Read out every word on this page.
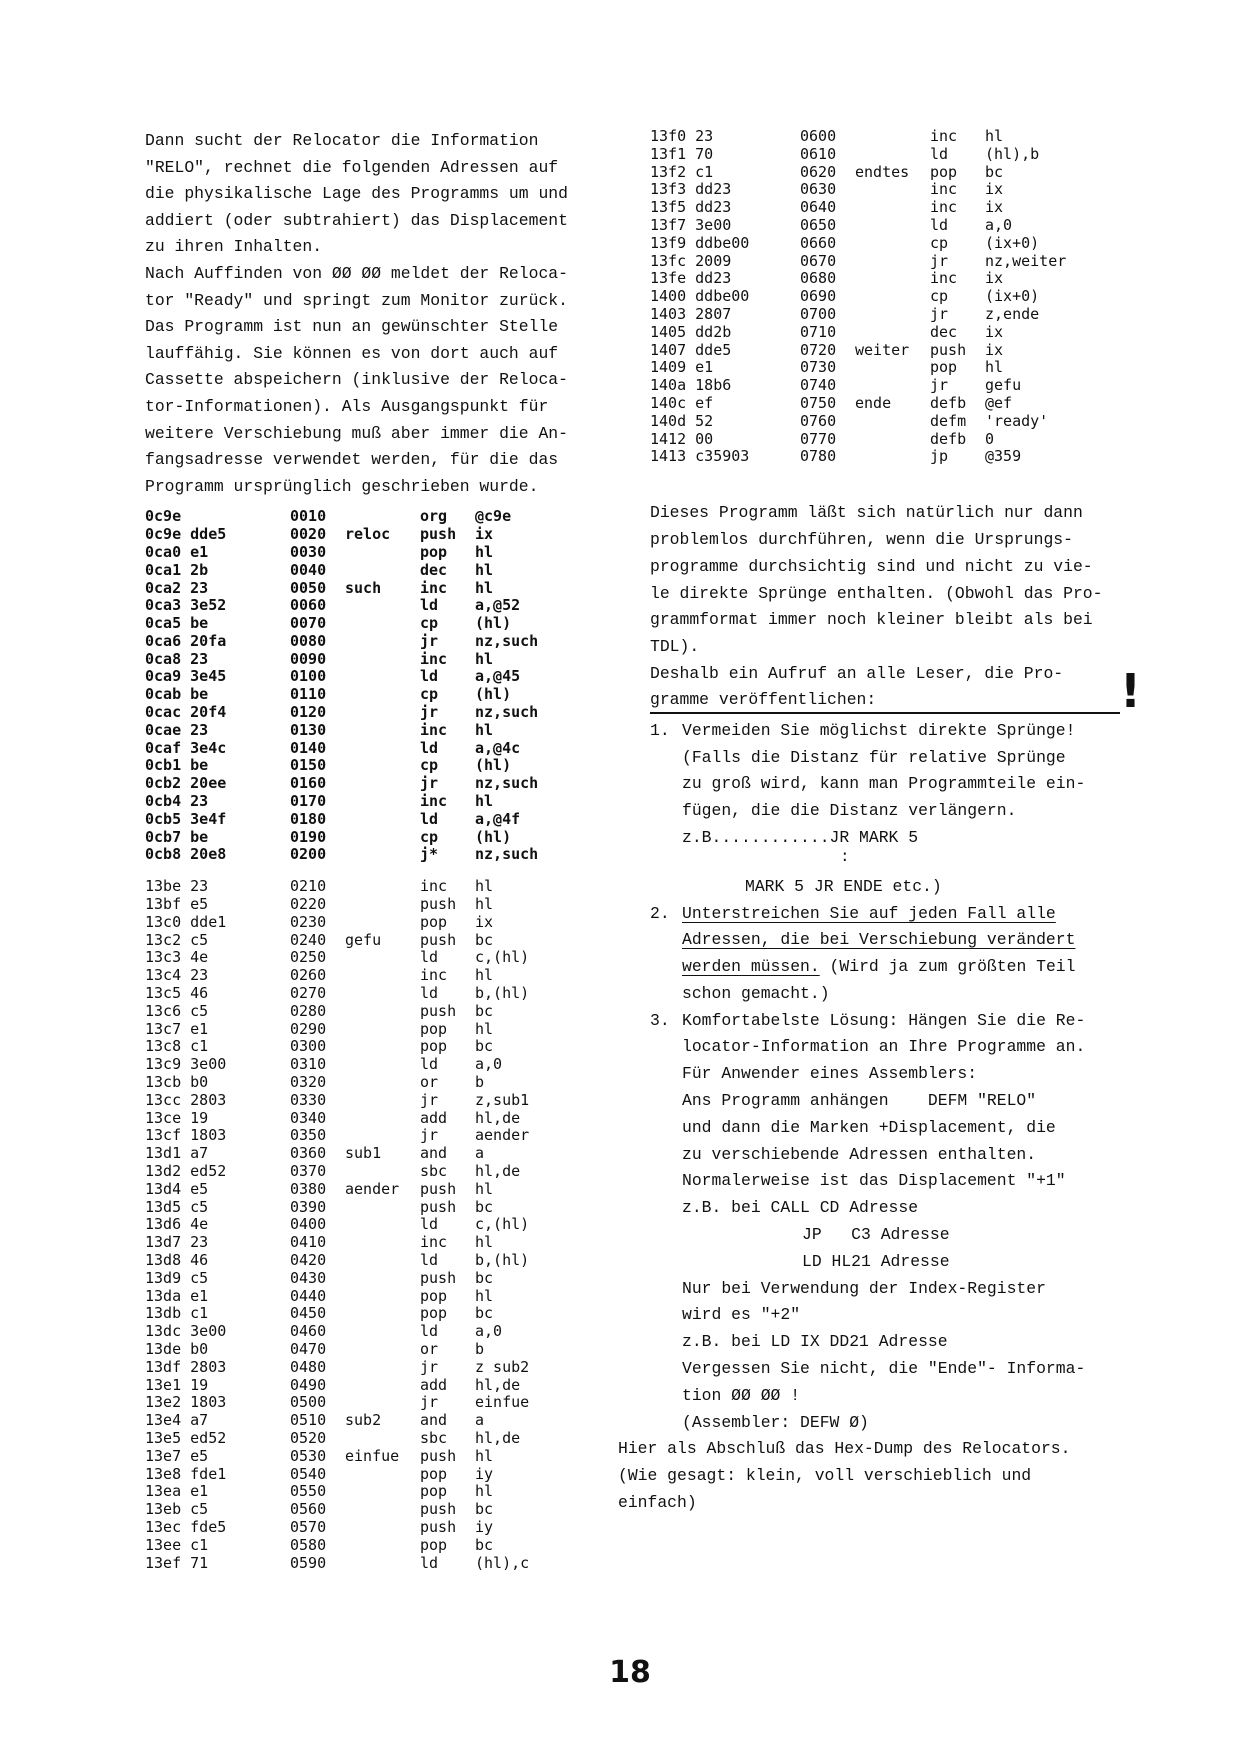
Dann sucht der Relocator die Information
"RELO", rechnet die folgenden Adressen auf
die physikalische Lage des Programms um und
addiert (oder subtrahiert) das Displacement
zu ihren Inhalten.
Nach Auffinden von ØØ ØØ meldet der Reloca-
tor "Ready" und springt zum Monitor zurück.
Das Programm ist nun an gewünschter Stelle
lauffähig. Sie können es von dort auch auf
Cassette abspeichern (inklusive der Reloca-
tor-Informationen). Als Ausgangspunkt für
weitere Verschiebung muß aber immer die An-
fangsadresse verwendet werden, für die das
Programm ursprünglich geschrieben wurde.
0c9e	0010	org	@c9e
0c9e dde5	0020	reloc	push	ix
0ca0 e1	0030	pop	hl
0ca1 2b	0040	dec	hl
0ca2 23	0050	such	inc	hl
0ca3 3e52	0060	ld	a,@52
0ca5 be	0070	cp	(hl)
0ca6 20fa	0080	jr	nz,such
0ca8 23	0090	inc	hl
0ca9 3e45	0100	ld	a,@45
0cab be	0110	cp	(hl)
0cac 20f4	0120	jr	nz,such
0cae 23	0130	inc	hl
0caf 3e4c	0140	ld	a,@4c
0cb1 be	0150	cp	(hl)
0cb2 20ee	0160	jr	nz,such
0cb4 23	0170	inc	hl
0cb5 3e4f	0180	ld	a,@4f
0cb7 be	0190	cp	(hl)
0cb8 20e8	0200	j*	nz,such
13be 23	0210	inc	hl
13bf e5	0220	push	hl
13c0 dde1	0230	pop	ix
13c2 c5	0240	gefu	push	bc
13c3 4e	0250	ld	c,(hl)
13c4 23	0260	inc	hl
13c5 46	0270	ld	b,(hl)
13c6 c5	0280	push	bc
13c7 e1	0290	pop	hl
13c8 c1	0300	pop	bc
13c9 3e00	0310	ld	a,0
13cb b0	0320	or	b
13cc 2803	0330	jr	z,sub1
13ce 19	0340	add	hl,de
13cf 1803	0350	jr	aender
13d1 a7	0360	sub1	and	a
13d2 ed52	0370	sbc	hl,de
13d4 e5	0380	aender	push	hl
13d5 c5	0390	push	bc
13d6 4e	0400	ld	c,(hl)
13d7 23	0410	inc	hl
13d8 46	0420	ld	b,(hl)
13d9 c5	0430	push	bc
13da e1	0440	pop	hl
13db c1	0450	pop	bc
13dc 3e00	0460	ld	a,0
13de b0	0470	or	b
13df 2803	0480	jr	z sub2
13e1 19	0490	add	hl,de
13e2 1803	0500	jr	einfue
13e4 a7	0510	sub2	and	a
13e5 ed52	0520	sbc	hl,de
13e7 e5	0530	einfue	push	hl
13e8 fde1	0540	pop	iy
13ea e1	0550	pop	hl
13eb c5	0560	push	bc
13ec fde5	0570	push	iy
13ee c1	0580	pop	bc
13ef 71	0590	ld	(hl),c
13f0 23	0600	inc	hl
13f1 70	0610	ld	(hl),b
13f2 c1	0620	endtes	pop	bc
13f3 dd23	0630	inc	ix
13f5 dd23	0640	inc	ix
13f7 3e00	0650	ld	a,0
13f9 ddbe00	0660	cp	(ix+0)
13fc 2009	0670	jr	nz,weiter
13fe dd23	0680	inc	ix
1400 ddbe00	0690	cp	(ix+0)
1403 2807	0700	jr	z,ende
1405 dd2b	0710	dec	ix
1407 dde5	0720	weiter	push	ix
1409 e1	0730	pop	hl
140a 18b6	0740	jr	gefu
140c ef	0750	ende	defb	@ef
140d 52	0760	defm	'ready'
1412 00	0770	defb	0
1413 c35903	0780	jp	@359
Dieses Programm läßt sich natürlich nur dann
problemlos durchführen, wenn die Ursprungs-
programme durchsichtig sind und nicht zu vie-
le direkte Sprünge enthalten. (Obwohl das Pro-
grammformat immer noch kleiner bleibt als bei
TDL).
Deshalb ein Aufruf an alle Leser, die Pro-
gramme veröffentlichen:
1. Vermeiden Sie möglichst direkte Sprünge!
(Falls die Distanz für relative Sprünge
zu groß wird, kann man Programmteile ein-
fügen, die die Distanz verlängern.
z.B............JR MARK 5
:
MARK 5 JR ENDE etc.)
2. Unterstreichen Sie auf jeden Fall alle
Adressen, die bei Verschiebung verändert
werden müssen. (Wird ja zum größten Teil
schon gemacht.)
3. Komfortabelste Lösung: Hängen Sie die Re-
locator-Information an Ihre Programme an.
Für Anwender eines Assemblers:
Ans Programm anhängen    DEFM "RELO"
und dann die Marken +Displacement, die
zu verschiebende Adressen enthalten.
Normalerweise ist das Displacement "+1"
z.B. bei CALL CD Adresse
JP   C3 Adresse
LD HL21 Adresse
Nur bei Verwendung der Index-Register
wird es "+2"
z.B. bei LD IX DD21 Adresse
Vergessen Sie nicht, die "Ende"- Informa-
tion ØØ ØØ !
(Assembler: DEFW Ø)
Hier als Abschluß das Hex-Dump des Relocators.
(Wie gesagt: klein, voll verschieblich und
einfach)
!
18
